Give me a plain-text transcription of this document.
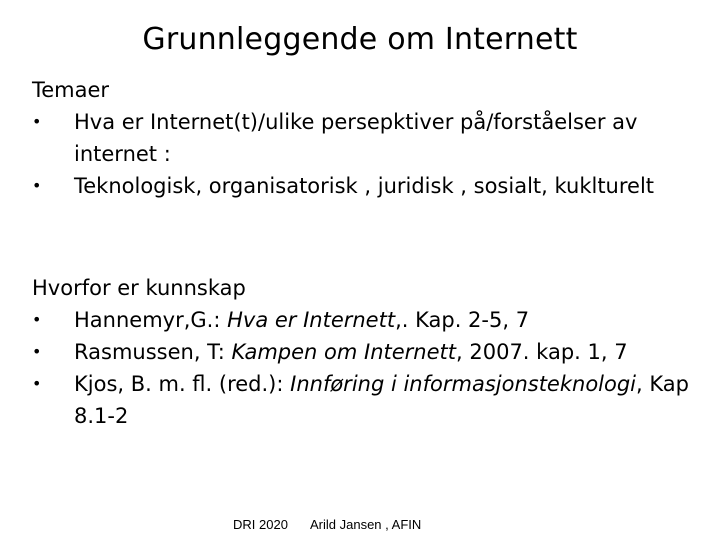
Grunnleggende om Internett

Temaer

• Hva er Internet(t)/ulike persepktiver på/forståelser av internet :
• Teknologisk, organisatorisk , juridisk , sosialt, kuklturelt

Hvorfor er kunnskap

• Hannemyr,G.: Hva er Internett,. Kap. 2-5, 7
• Rasmussen, T: Kampen om Internett, 2007. kap. 1, 7
• Kjos, B. m. fl. (red.): Innføring i informasjonsteknologi, Kap 8.1-2
DRI 2020 Arild Jansen , AFIN
